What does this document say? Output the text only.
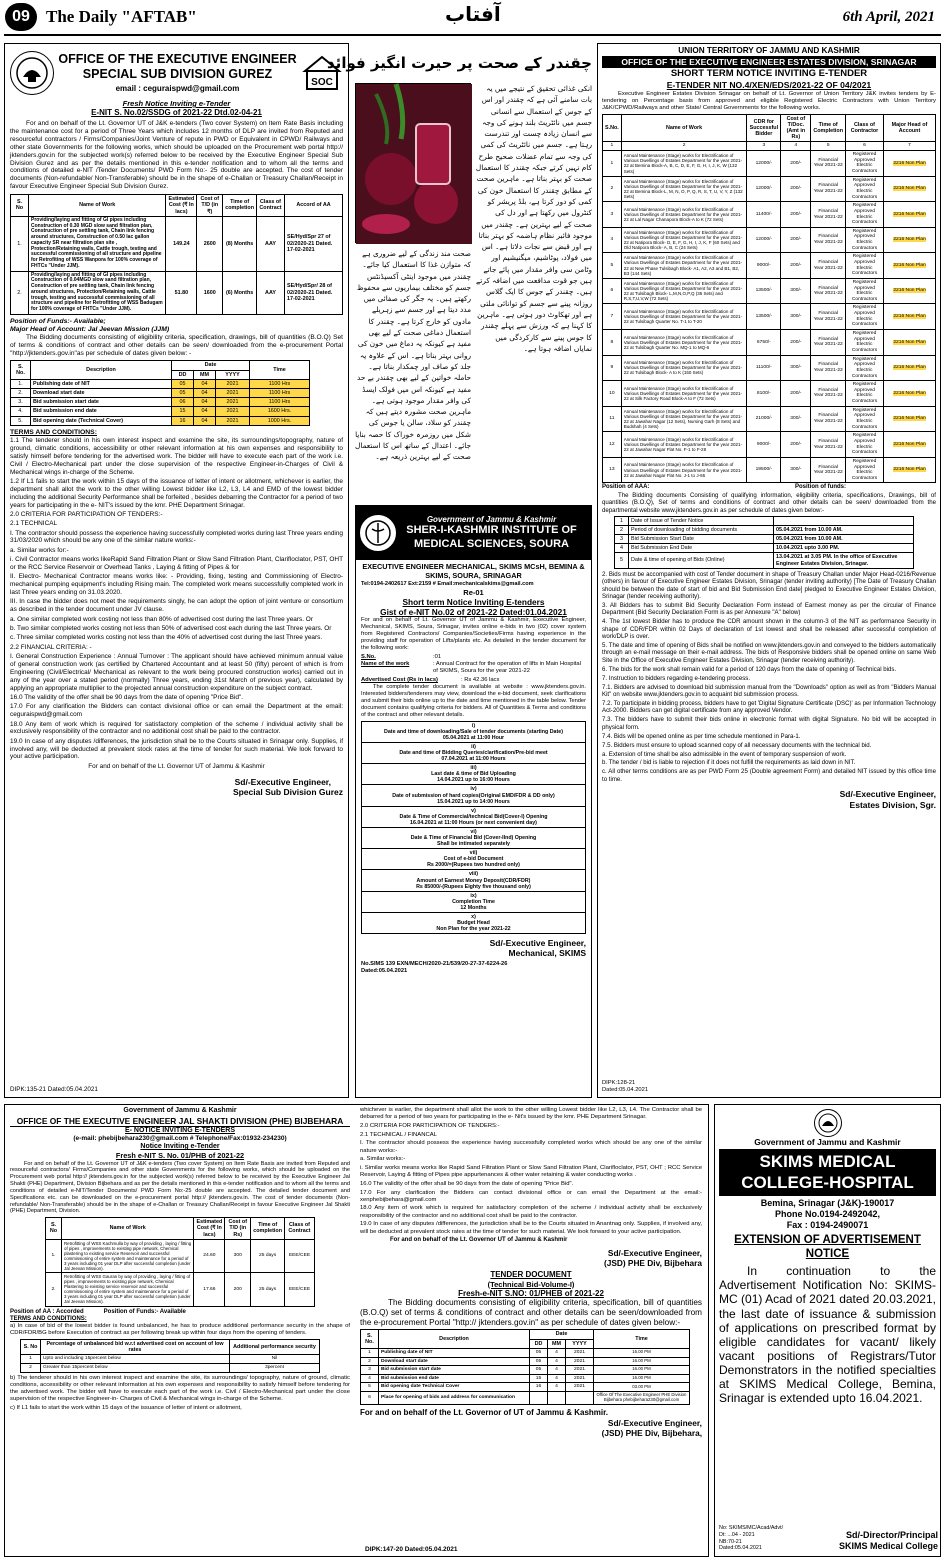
09 The Daily "AFTAB"	آفتاب	6th April, 2021
OFFICE OF THE EXECUTIVE ENGINEER
SPECIAL SUB DIVISION GUREZ
email : ceguraispwd@gmail.com
SOC
Fresh Notice Inviting e-Tender
E-NIT S. No.02/SSDG of 2021-22 Dtd.02-04-21

For and on behalf of the Lt. Governor UT of J&K e-tenders (Two cover System) on Item Rate Basis including the maintenance cost for a period of Three Years which includes 12 months of DLP are invited from Reputed and resourceful contractors / Firms/Companies/Joint Venture of repute in PWD or Equivalent in CPWD/ Railways and other state Governments for the following works, which should be uploaded on the Procurement web portal http:// jktenders.gov.in for the subjected work(s) referred below to be received by the Executive Engineer Special Sub Division Gurez and as per the details mentioned in this e-tender notification and to whom all the terms and conditions of detailed e-NIT /Tender Documents/ PWD Form No:- 25 double are accepted. The cost of tender documents (Non-refundable/ Non-Transferable) should be in the shape of e-Challan or Treasury Challan/Receipt in favour Executive Engineer Special Sub Division Gurez.

S. No	Name of Work	Estimated Cost (₹ In lacs)	Cost of T/D (in ₹)	Time of completion	Class of Contract	Accord of AA
1.	Providing/laying and fitting of GI pipes including Construction of 0.30 MGD slow sand filtration plan, Construction of pre settling tank, Chain link fencing around structures, Construction of 0.50 lac gallon capacity SR near filtration plan site , Protection/Retaining walls, Cattle trough, testing and successful commissioning of all structure and pipeline for Retrofiting of WSS Wanpora for 100% coverage of FHTCs "Under JJM).	149.24	2600	(8) Months	AAY	SE/Hyd/Spr 27 of 02/2020-21 Dated. 17-02-2021
2.	Providing/laying and fitting of GI pipes including Construction of 0.04MGD slow sand filtration plan, Construction of pre settling tank, Chain link fencing around structures, Protection/Retaining walls, Cattle trough, testing and successful commissioning of all structure and pipeline for Retrofitting of WSS Badugam for 100% coverage of FHTCs "Under JJM).	51.80	1600	(6) Months	AAY	SE/Hyd/Spr/ 28 of 02/2020-21 Dated. 17-02-2021
Position of Funds:- Available;
Major Head of Account: Jal Jeevan Mission (JJM)

The Bidding documents consisting of eligibility criteria, specification, drawings, bill of quantities (B.O.Q) Set of terms & conditions of contract and other details can be seen/ downloaded from the e-procurement Portal "http://jktenders.gov.in"as per schedule of dates given below: -

S. No.	Description	Date			Time
		DD	MM	YYYY	
1.	Publishing date of NIT	05	04	2021	1100 Hrs
2.	Download start date	05	04	2021	1100 Hrs
3.	Bid submission start date	06	04	2021	1100 Hrs
4.	Bid submission end date	15	04	2021	1600 Hrs.
5.	Bid opening date (Technical Cover)	16	04	2021	1000 Hrs.
TERMS AND CONDITIONS:

1.1 The tenderer should in his own interest inspect and examine the site, its surroundings/topography, nature of ground, climatic conditions, accessibility or other relevant information at his own expenses and responsibility to satisfy himself before tendering for the advertised work. The bidder will have to execute each part of the work i.e. Civil / Electro-Mechanical part under the close supervision of the respective Engineer-in-Charges of Civil & Mechanical wings in-charge of the Scheme.

1.2 If L1 fails to start the work within 15 days of the issuance of letter of intent or allotment, whichever is earlier, the department shall allot the work to the other willing Lowest bidder like L2, L3, L4 and EMD of the lowest bidder including the additional Security Performance shall be forfeited , besides debarring the Contractor for a period of two years for participating in the e- NIT's issued by the kmr. PHE Department Srinagar.

2.0 CRITERIA FOR PARTICIPATION OF TENDERS:-

2.1 TECHNICAL

I. The contractor should possess the experience having successfully completed works during last Three years ending 31/03/2020 which should be any one of the similar nature works:-

a. Similar works for:-

i. Civil Contractor means works likeRapid Sand Filtration Plant or Slow Sand Filtration Plant, Clarifloclator, PST, OHT or the RCC Service Reservoir or Overhead Tanks , Laying & fitting of Pipes & for

II. Electro- Mechanical Contractor means works like: - Providing, fixing, testing and Commissioning of Electro- mechanical pumping equipment's including Rising main. The completed work means successfully completed work in last Three years ending on 31.03.2020.

III. In case the bidder does not meet the requirements singly, he can adopt the option of joint venture or consortium as described in the tender document under JV clause.

a. One similar completed work costing not less than 80% of advertised cost during the last Three years. Or

b. Two similar completed works costing not less than 50% of advertised cost each during the last Three years. Or

c. Three similar completed works costing not less than the 40% of advertised cost during the last Three years.

2.2 FINANCIAL CRITERIA: -

I. General Construction Experience : Annual Turnover : The applicant should have achieved minimum annual value of general construction work (as certified by Chartered Accountant and at least 50 (fifty) percent of which is from Engineering (Civil/Electrical/ Mechanical as relevant to the work being procured construction works) carried out in any of the year over a stated period (normally) Three years, ending 31st March of previous year), calculated by applying an appropriate multiplier to the projected annual construction expenditure on the subject contract.

16.0 The validity of the offer shall be 90 days from the date of opening "Price Bid".

17.0 For any clarification the Bidders can contact divisional office or can email the Department at the email: ceguraispwd@gmail.com

18.0 Any item of work which is required for satisfactory completion of the scheme / individual activity shall be exclusively responsibility of the contractor and no additional cost shall be paid to the contractor.

19.0 In case of any disputes /differences, the jurisdiction shall be to the Courts situated in Srinagar only. Supplies, if involved any, will be deducted at prevalent stock rates at the time of tender for such material. We look forward to your active participation.

For and on behalf of the Lt. Governor UT of Jammu & Kashmir
Sd/-Executive Engineer,
Special Sub Division Gurez
DIPK:135-21 Dated:05.04.2021
چقندر کے صحت پر حیرت انگیز فوائد
انکی غذائی تحقیق کے نتیجے میں یہ بات سامنے آئی ہے کہ چقندر اور اس کے جوس کے استعمال سے انسانی جسم میں نائٹریٹ بلند ہونے کی وجہ سے انسان زیادہ چست اور تندرست رہتا ہے۔ جسم میں نائٹریٹ کی کمی کی وجہ سے تمام عضلات صحیح طرح کام نہیں کرتے جبکہ چقندر کا استعمال صحت کو بہتر بناتا ہے۔ ماہرین صحت کے مطابق چقندر کا استعمال خون کی کمی کو دور کرتا ہے، بلڈ پریشر کو کنٹرول میں رکھتا ہے اور دل کی صحت کے لیے بہترین ہے۔ چقندر میں موجود فائبر نظام ہاضمہ کو بہتر بناتا ہے اور قبض سے نجات دلاتا ہے۔ اس میں فولاد، پوٹاشیم، میگنیشیم اور وٹامن سی وافر مقدار میں پائے جاتے ہیں جو قوت مدافعت میں اضافہ کرتے ہیں۔ چقندر کے جوس کا ایک گلاس روزانہ پینے سے جسم کو توانائی ملتی ہے اور تھکاوٹ دور ہوتی ہے۔ ماہرین کا کہنا ہے کہ ورزش سے پہلے چقندر کا جوس پینے سے کارکردگی میں نمایاں اضافہ ہوتا ہے۔
صحت مند زندگی کے لیے ضروری ہے کہ متوازن غذا کا استعمال کیا جائے۔ چقندر میں موجود اینٹی آکسیڈنٹس جسم کو مختلف بیماریوں سے محفوظ رکھتے ہیں۔ یہ جگر کی صفائی میں مدد دیتا ہے اور جسم سے زہریلے مادوں کو خارج کرتا ہے۔ چقندر کا استعمال دماغی صحت کے لیے بھی مفید ہے کیونکہ یہ دماغ میں خون کی روانی بہتر بناتا ہے۔ اس کے علاوہ یہ جلد کو صاف اور چمکدار بناتا ہے۔ حاملہ خواتین کے لیے بھی چقندر بے حد مفید ہے کیونکہ اس میں فولک ایسڈ کی وافر مقدار موجود ہوتی ہے۔ ماہرین صحت مشورہ دیتے ہیں کہ چقندر کو سلاد، سالن یا جوس کی شکل میں روزمرہ خوراک کا حصہ بنایا جائے۔ اعتدال کے ساتھ اس کا استعمال صحت کے لیے بہترین ذریعہ ہے۔
Government of Jammu & Kashmir
SHER-I-KASHMIR INSTITUTE OF
MEDICAL SCIENCES, SOURA
EXECUTIVE ENGINEER MECHANICAL, SKIMS MCsH, BEMINA & SKIMS, SOURA, SRINAGAR
Tel:0194-2402617 Ext:2159 # Email:mechanicalskims@gmail.com
Re-01
Short term Notice Inviting E-tenders
Gist of e-NIT No.02 of 2021-22 Dated:01.04.2021

For and on behalf of Lt. Governor UT of Jammu & Kashmir, Executive Engineer, Mechanical, SKIMS, Soura, Srinagar, invites online e-bids in two (02) cover system from Registered Contractors/ Companies/Societies/Firms having experience in the providing staff for operation of Lifts/plants etc. As detailed in the tender document for the following work:

S.No.	:01
Name of the work	: Annual Contract for the operation of lifts in Main Hospital of SKIMS, Soura for the year 2021-22
Advertised Cost (Rs in lacs)	: Rs 42.36 lacs

The complete tender document is available at website : www.jktenders.gov.in. Interested bidders/tenderers may view, download the e-bid document, seek clarifications and submit their bids online up to the date and time mentioned in the table below. Tender document contains qualifying criteria for bidders. All of Quantities & Terms and conditions of the contract and other relevant details.

i)
Date and time of downloading/Sale of tender documents (starting Date)
05.04.2021 at 11:00 Hour

ii)
Date and time of Bidding Queries/clarification/Pre-bid meet
07.04.2021 at 11:00 Hours

iii)
Last date & time of Bid Uploading
14.04.2021 up to 16:00 Hours

iv)
Date of submission of hard copies(Original EMD/FDR & DD only)
15.04.2021 up to 14:00 Hours

v)
Date & Time of Commercial/technical Bid(Cover-I) Opening
16.04.2021 at 11:00 Hours (or next convenient day)

vi)
Date & Time of Financial Bid (Cover-IInd) Opening
Shall be intimated separately

vii)
Cost of e-bid Document
Rs 2000/=(Rupees two hundred only)

viii)
Amount of Earnest Money Deposit(CDR/FDR)
Rs 85000/-(Rupees Eighty five thousand only)

ix)
Completion Time
12 Months

x)
Budget Head
Non Plan for the year 2021-22
Sd/-Executive Engineer,
Mechanical, SKIMS
No.SIMS 139 EXN/MECH/2020-21/539/20-27-37-6224-26
Dated:05.04.2021
UNION TERRITORY OF JAMMU AND KASHMIR
OFFICE OF THE EXECUTIVE ENGINEER ESTATES DIVISION, SRINAGAR
SHORT TERM NOTICE INVITING E-TENDER
E-TENDER NIT NO.4/XEN/EDS/2021-22 OF 04/2021

Executive Engineer Estates Division Srinagar on behalf of Lt. Governor of Union Territory J&K invites tenders by E-tendering on Percentage basis from approved and eligible Registered Electric Contractors with Union Territory J&K/CPWD/Railways and other State/ Central Governments for the following works.

S.No.	Name of Work	CDR for Successful Bidder	Cost of T/Doc. (Amt in Rs)	Time of Completion	Class of Contractor	Major Head of Account
1	2	3	4	5	6	7
1	Annual Maintenance (Stage) works for Electrification of Various Dwellings of Estates Department for the year 2021-22 at Bemina Block-A, B, C, D, E, F, G, H, I, J, K, W (132 Sets)	12000/-	200/-	Financial Year 2021-22	Registered Approved Electric Contractors	2216 Non Plan
2	Annual Maintenance (Stage) works for Electrification of Various Dwellings of Estates Department for the year 2021-22 at Bemina Block-L, M, N, O, P, Q, R, S, T, U, V, Y, Z (132 Sets)	12000/-	200/-	Financial Year 2021-22	Registered Approved Electric Contractors	2216 Non Plan
3	Annual Maintenance (Stage) works for Electrification of Various Dwellings of Estates Department for the year 2021-22 at Lal Nagar Chanapora Block-A to K (72 Sets)	11400/-	200/-	Financial Year 2021-22	Registered Approved Electric Contractors	2216 Non Plan
4	Annual Maintenance (Stage) works for Electrification of Various Dwellings of Estates Department for the year 2021-22 at Natipora Block- D, E, F, G, H, I, J, K, F (60 Sets) and Old Natipora Block- A, B, C (24 Sets)	12000/-	200/-	Financial Year 2021-22	Registered Approved Electric Contractors	2216 Non Plan
5	Annual Maintenance (Stage) works for Electrification of Various Dwellings of Estates Department for the year 2021-22 at New Phase Tulsibagh Block- A1, A2, A3 and B1, B2, B3 (144 Sets)	9000/-	200/-	Financial Year 2021-22	Registered Approved Electric Contractors	2216 Non Plan
6	Annual Maintenance (Stage) works for Electrification of Various Dwellings of Estates Department for the year 2021-22 at Tulsibagh Block- L,M,N,O,P,Q (36 Sets) and R,S,T,U,V,W (72 Sets)	13500/-	300/-	Financial Year 2021-22	Registered Approved Electric Contractors	2216 Non Plan
7	Annual Maintenance (Stage) works for Electrification of Various Dwellings of Estates Department for the year 2021-22 at Tulsibagh Quarter No. T-1 to T-20	13500/-	300/-	Financial Year 2021-22	Registered Approved Electric Contractors	2216 Non Plan
8	Annual Maintenance (Stage) works for Electrification of Various Dwellings of Estates Department for the year 2021-22 at Tulsibagh Quarter No. MQ-1 to MQ-6	6750/-	200/-	Financial Year 2021-22	Registered Approved Electric Contractors	2216 Non Plan
9	Annual Maintenance (Stage) works for Electrification of Various Dwellings of Estates Department for the year 2021-22 at Tulsibagh Block- A to K (150 Sets)	11100/-	300/-	Financial Year 2021-22	Registered Approved Electric Contractors	2216 Non Plan
10	Annual Maintenance (Stage) works for Electrification of Various Dwellings of Estates Department for the year 2021-22 at Silk Factory Road Block-A to F (72 Sets)	8100/-	200/-	Financial Year 2021-22	Registered Approved Electric Contractors	2216 Non Plan
11	Annual Maintenance (Stage) works for Electrification of Various Dwellings of Estates Department for the year 2021-22 at Jawahar Nagar (12 Sets), Nursing Garh (8 Sets) and Budshah (4 Sets)	21000/-	300/-	Financial Year 2021-22	Registered Approved Electric Contractors	2216 Non Plan
12	Annual Maintenance (Stage) works for Electrification of Various Dwellings of Estates Department for the year 2021-22 at Jawahar Nagar Flat No. F-1 to F-28	9000/-	200/-	Financial Year 2021-22	Registered Approved Electric Contractors	2216 Non Plan
13	Annual Maintenance (Stage) works for Electrification of Various Dwellings of Estates Department for the year 2021-22 at Jawahar Nagar Flat No. J-1 to J-65	19500/-	300/-	Financial Year 2021-22	Registered Approved Electric Contractors	2216 Non Plan
Position of AAA:	Position of funds:

The Bidding documents Consisting of qualifying information, eligibility criteria, specifications, Drawings, bill of quantities (B.O.Q), Set of terms and conditions of contract and other details can be seen/ downloaded from the departmental website www.jktenders.gov.in as per schedule of dates given below:-

1	Date of Issue of Tender Notice	
2	Period of downloading of bidding documents	05.04.2021 from 10.00 AM.
3	Bid Submission Start Date	05.04.2021 from 10.00 AM.
4	Bid Submission End Date	10.04.2021 upto 3.00 PM.
5	Date & time of opening of Bids (Online)	13.04.2021 at 3.05 PM. In the office of Executive Engineer Estates Division, Srinagar.

2. Bids must be accompanied with cost of Tender document in shape of Treasury Challan under Major Head-0216/Revenue (others) in favour of Executive Engineer Estates Division, Srinagar (tender inviting authority) [The Date of Treasury Challan should be between the date of start of bid and Bid Submission End date] pledged to Executive Engineer Estates Division, Srinagar (tender receiving authority).

3. All Bidders has to submit Bid Security Declaration Form instead of Earnest money as per the circular of Finance Department (Bid Security Declaration Form is as per Annexure "A" below)

4. The 1st lowest Bidder has to produce the CDR amount shown in the column-3 of the NIT as performance Security in shape of CDR/FDR within 02 Days of declaration of 1st lowest and shall be released after successful completion of work/DLP is over.

5. The date and time of opening of Bids shall be notified on www.jktenders.gov.in and conveyed to the bidders automatically through an e-mail message on their e-mail address. The bids of Responsive bidders shall be opened online on same Web Site in the Office of Executive Engineer Estates Division, Srinagar (tender receiving authority).

6. The bids for the work shall remain valid for a period of 120 days from the date of opening of Technical bids.

7. Instruction to bidders regarding e-tendering process.

7.1. Bidders are advised to download bid submission manual from the "Downloads" option as well as from "Bidders Manual Kit" on website www.jktenders.gov.in to acquaint bid submission process.

7.2. To participate in bidding process, bidders have to get 'Digital Signature Certificate (DSC)' as per Information Technology Act-2000. Bidders can get digital certificate from any approved Vendor.

7.3. The bidders have to submit their bids online in electronic format with digital Signature. No bid will be accepted in physical form.

7.4. Bids will be opened online as per time schedule mentioned in Para-1.

7.5. Bidders must ensure to upload scanned copy of all necessary documents with the technical bid.

a. Extension of time shall be also admissible in the event of temporary suspension of work.

b. The tender / bid is liable to rejection if it does not fulfill the requirements as laid down in NIT.

c. All other terms conditions are as per PWD Form 25 (Double agreement Form) and detailed NIT issued by this office time to time.

Sd/-Executive Engineer,
Estates Division, Sgr.
DIPK:128-21
Dated:05.04.2021
Government of Jammu & Kashmir
OFFICE OF THE EXECUTIVE ENGINEER JAL SHAKTI DIVISION (PHE) BIJBEHARA
E- NOTICE INVITING E-TENDERS
(e-mail: phebijbehara230@gmail.com # Telephone/Fax:01932-234230)
Notice Inviting e-Tender
Fresh e-NIT S. No. 01/PHB of 2021-22

For and on behalf of the Lt. Governor UT of J&K e-tenders (Two cover System) on Item Rate Basis are invited from Reputed and resourceful contractors/ Firms/Companies and other state Governments for the following works, which should be uploaded on the Procurement web portal http:// jktenders.gov.in for the subjected work(s) referred below to be received by the Executive Engineer Jal Shakti (PHE) Department, Division Bijbehara and as per the details mentioned in this e-tender notification and to whom all the terms and conditions of detailed e-NIT/Tender Documents/ PWD Form No:-25 double are accepted. The detailed tender document and Specifications etc. can be downloaded on the e-procurement portal http:// jktenders.gov.in. The cost of tender documents (Non-refundable/ Non-Transferable) should be in the shape of e-Challan or Treasury Challan/Receipt in favour Executive Engineer Jal Shakti (PHE) Department, Division.

S. No	Name of Work	Estimated Cost (₹ In lacs)	Cost of T/D (in Rs)	Time of completion	Class of Contract
1.	Retrofitting of WSS Kachmulla by way of providing , laying / fitting of pipes , improvements to existing pipe network, Chemical plastering to existing service Reservoir and successful commissioning of entire system and maintenance for a period of 3 years including 01 year DLP after successful completion (under Jal Jeevan Mission).	24.60	300	25 days	EEE/CEE
2.	Retrofitting of WSS Gauran by way of providing , laying / fitting of pipes , improvements to existing pipe network, Chemical Plastering to existing service reservoir and successful commissioning of entire system and maintenance for a period of 3 years including 01 year DLP after successful completion (under Jal Jeevan Mission).	17.66	200	25 days	EEE/CEE
Position of AA : Accorded	Position of Funds:- Available
TERMS AND CONDITIONS:

a) In case of bid of the lowest bidder is found unbalanced, he has to produce additional performance security in the shape of CDR/FDR/BG before Execution of contract as per following break up within four days from the opening of tenders.

S. No	Percentage of unbalanced bid w.r.t advertised cost on account of low rates	Additional performance security
1	Upto and including 15percent below	Nil
2	Greater than 15percent below	3percent

b) The tenderer should in his own interest inspect and examine the site, its surroundings/ topography, nature of ground, climatic conditions, accessibility or other relevant information at his own expenses and responsibility to satisfy himself before tendering for the advertised work. The bidder will have to execute each part of the work i.e. Civil / Electro-Mechanical part under the close supervision of the respective Engineer-in- Charges of Civil & Mechanical wings in-charge of the Scheme.

c) If L1 fails to start the work within 15 days of the issuance of letter of intent or allotment,

whichever is earlier, the department shall allot the work to the other willing Lowest bidder like L2, L3, L4. The Contractor shall be debarred for a period of two years for participating in the e- Nit's issued by the kmr. PHE Department Srinagar.

2.0 CRITERIA FOR PARTICIPATION OF TENDERS:-

2.1 TECHNICAL / FINANCAL

I. The contractor should possess the experience having successfully completed works which should be any one of the similar nature works:-

a. Similar works:-

i. Similar works means works like Rapid Sand Filtration Plant or Slow Sand Filtration Plant, Clarifloclator, PST, OHT ; RCC Service Reservoir, Laying & fitting of Pipes pipe appurtenances & other water retaining & water conducting works .

16.0 The validity of the offer shall be 90 days from the date of opening "Price Bid".

17.0 For any clarification the Bidders can contact divisional office or can email the Department at the email:- xenphebijbehara@gmail.com

18.0 Any item of work which is required for satisfactory completion of the scheme / individual activity shall be exclusively responsibility of the contractor and no additional cost shall be paid to the contractor.

19.0 In case of any disputes /differences, the jurisdiction shall be to the Courts situated in Anantnag only. Supplies, if involved any, will be deducted at prevalent stock rates at the time of tender for such material. We look forward to your active participation.

For and on behalf of the Lt. Governor UT of Jammu & Kashmir
Sd/-Executive Engineer,
(JSD) PHE Div, Bijbehara
TENDER DOCUMENT
(Technical Bid-Volume-I)
Fresh-e-NIT S.NO: 01/PHEB of 2021-22

The Bidding documents consisting of eligibility criteria, specification, bill of quantities (B.O.Q) set of terms & conditions of contract and other details can be seen/downloaded from the e-procurement Portal "http:// jktenders.gov.in" as per schedule of dates given below:-

S. No.	Description	Date			Time
		DD	MM	YYYY	
1	Publishing date of NIT	05	4	2021	16.00 PM
2	Download start date	05	4	2021	16.00 PM
3	Bid submission start date	05	4	2021	16.00 PM
4	Bid submission end date	15	4	2021	16.00 PM
5	Bid opening date Technical Cover	16	4	2021	03.00 PM
6	Place for opening of bids and address for communication				Office Of The Executive Engineer PHE Division Bijbehara phebijbehara230@gmail.com
For and on behalf of the Lt. Governor of UT of Jammu & Kashmir.
Sd/-Executive Engineer,
(JSD) PHE Div, Bijbehara,
DIPK:147-20 Dated:05.04.2021
Government of Jammu and Kashmir
SKIMS MEDICAL COLLEGE-HOSPITAL
Bemina, Srinagar (J&K)-190017
Phone No.0194-2492042,
Fax : 0194-2490071
EXTENSION OF ADVERTISEMENT
NOTICE

In continuation to the Advertisement Notification No: SKIMS-MC (01) Acad of 2021 dated 20.03.2021, the last date of issuance & submission of applications on prescribed format by eligible candidates for vacant/ likely vacant positions of Registrars/Tutor Demonstrators in the notified specialties at SKIMS Medical College, Bemina, Srinagar is extended upto 16.04.2021.

No: SKIMS/MC/Acad/Advt/
Dt: ...04 - 2021
NB:70-21
Dated:05.04.2021
Sd/-Director/Principal
SKIMS Medical College
